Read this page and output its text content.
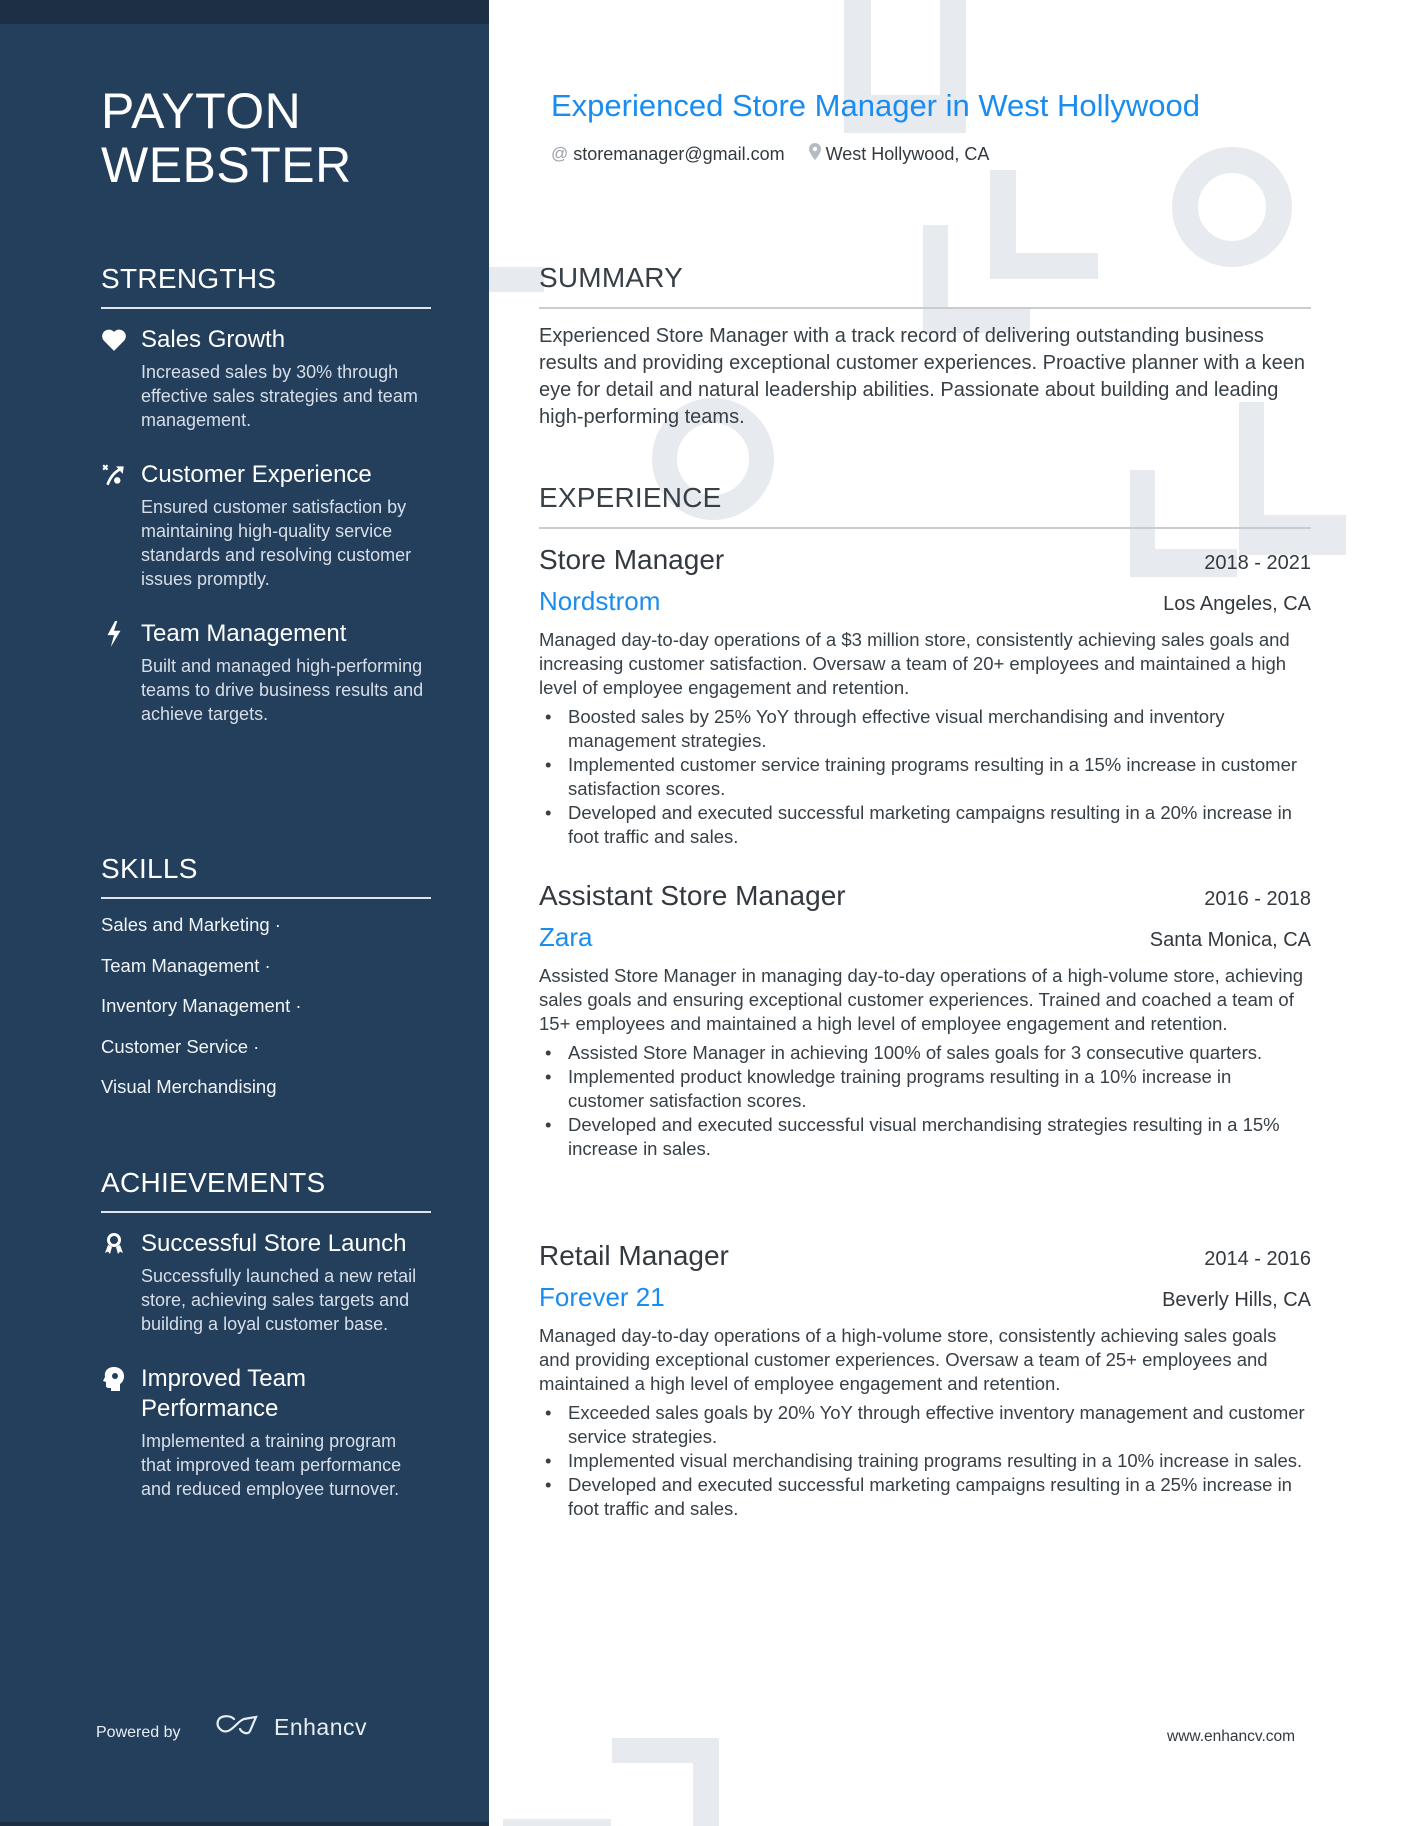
PAYTON
WEBSTER
STRENGTHS
Sales Growth
Increased sales by 30% through effective sales strategies and team management.
Customer Experience
Ensured customer satisfaction by maintaining high-quality service standards and resolving customer issues promptly.
Team Management
Built and managed high-performing teams to drive business results and achieve targets.
SKILLS
Sales and Marketing ·
Team Management ·
Inventory Management ·
Customer Service ·
Visual Merchandising
ACHIEVEMENTS
Successful Store Launch
Successfully launched a new retail store, achieving sales targets and building a loyal customer base.
Improved Team Performance
Implemented a training program that improved team performance and reduced employee turnover.
Powered by	Enhancv
Experienced Store Manager in West Hollywood
@ storemanager@gmail.com West Hollywood, CA
SUMMARY

Experienced Store Manager with a track record of delivering outstanding business results and providing exceptional customer experiences. Proactive planner with a keen eye for detail and natural leadership abilities. Passionate about building and leading high-performing teams.

EXPERIENCE
Store Manager	2018 - 2021
Nordstrom	Los Angeles, CA

Managed day-to-day operations of a $3 million store, consistently achieving sales goals and increasing customer satisfaction. Oversaw a team of 20+ employees and maintained a high level of employee engagement and retention.

• Boosted sales by 25% YoY through effective visual merchandising and inventory management strategies.
• Implemented customer service training programs resulting in a 15% increase in customer satisfaction scores.
• Developed and executed successful marketing campaigns resulting in a 20% increase in foot traffic and sales.
Assistant Store Manager	2016 - 2018
Zara	Santa Monica, CA

Assisted Store Manager in managing day-to-day operations of a high-volume store, achieving sales goals and ensuring exceptional customer experiences. Trained and coached a team of 15+ employees and maintained a high level of employee engagement and retention.

• Assisted Store Manager in achieving 100% of sales goals for 3 consecutive quarters.
• Implemented product knowledge training programs resulting in a 10% increase in customer satisfaction scores.
• Developed and executed successful visual merchandising strategies resulting in a 15% increase in sales.
Retail Manager	2014 - 2016
Forever 21	Beverly Hills, CA

Managed day-to-day operations of a high-volume store, consistently achieving sales goals and providing exceptional customer experiences. Oversaw a team of 25+ employees and maintained a high level of employee engagement and retention.

• Exceeded sales goals by 20% YoY through effective inventory management and customer service strategies.
• Implemented visual merchandising training programs resulting in a 10% increase in sales.
• Developed and executed successful marketing campaigns resulting in a 25% increase in foot traffic and sales.
www.enhancv.com
